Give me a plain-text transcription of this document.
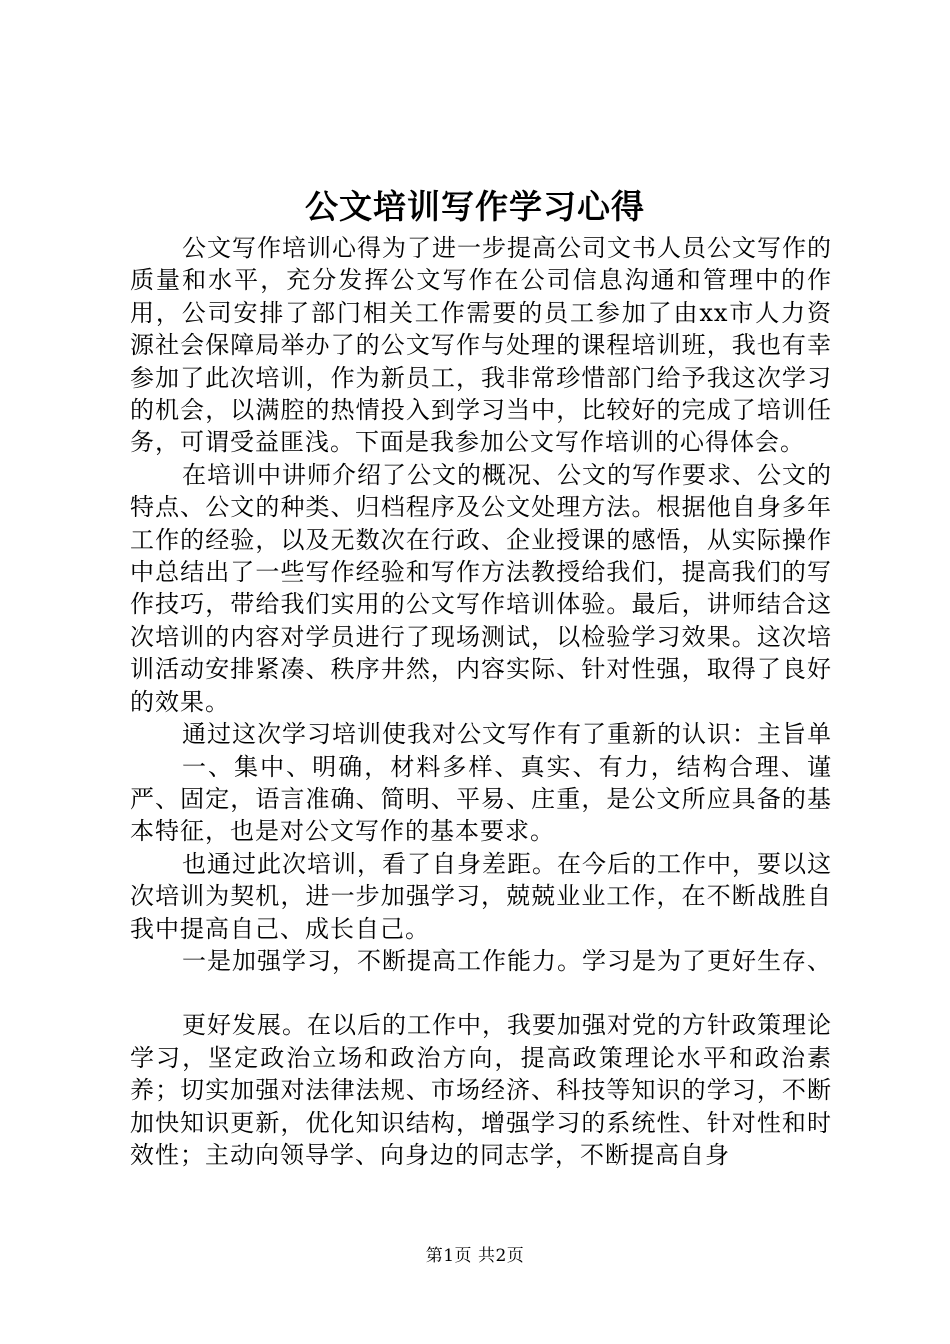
公文培训写作学习心得

公文写作培训心得为了进一步提高公司文书人员公文写作的质量和水平，充分发挥公文写作在公司信息沟通和管理中的作用，公司安排了部门相关工作需要的员工参加了由xx市人力资源社会保障局举办了的公文写作与处理的课程培训班，我也有幸参加了此次培训，作为新员工，我非常珍惜部门给予我这次学习的机会，以满腔的热情投入到学习当中，比较好的完成了培训任务，可谓受益匪浅。下面是我参加公文写作培训的心得体会。

在培训中讲师介绍了公文的概况、公文的写作要求、公文的特点、公文的种类、归档程序及公文处理方法。根据他自身多年工作的经验，以及无数次在行政、企业授课的感悟，从实际操作中总结出了一些写作经验和写作方法教授给我们，提高我们的写作技巧，带给我们实用的公文写作培训体验。最后，讲师结合这次培训的内容对学员进行了现场测试，以检验学习效果。这次培训活动安排紧凑、秩序井然，内容实际、针对性强，取得了良好的效果。

通过这次学习培训使我对公文写作有了重新的认识：主旨单

一、集中、明确，材料多样、真实、有力，结构合理、谨严、固定，语言准确、简明、平易、庄重，是公文所应具备的基本特征，也是对公文写作的基本要求。

也通过此次培训，看了自身差距。在今后的工作中，要以这次培训为契机，进一步加强学习，兢兢业业工作，在不断战胜自我中提高自己、成长自己。

一是加强学习，不断提高工作能力。学习是为了更好生存、

更好发展。在以后的工作中，我要加强对党的方针政策理论学习，坚定政治立场和政治方向，提高政策理论水平和政治素养；切实加强对法律法规、市场经济、科技等知识的学习，不断加快知识更新，优化知识结构，增强学习的系统性、针对性和时效性；主动向领导学、向身边的同志学，不断提高自身

第1页 共2页
